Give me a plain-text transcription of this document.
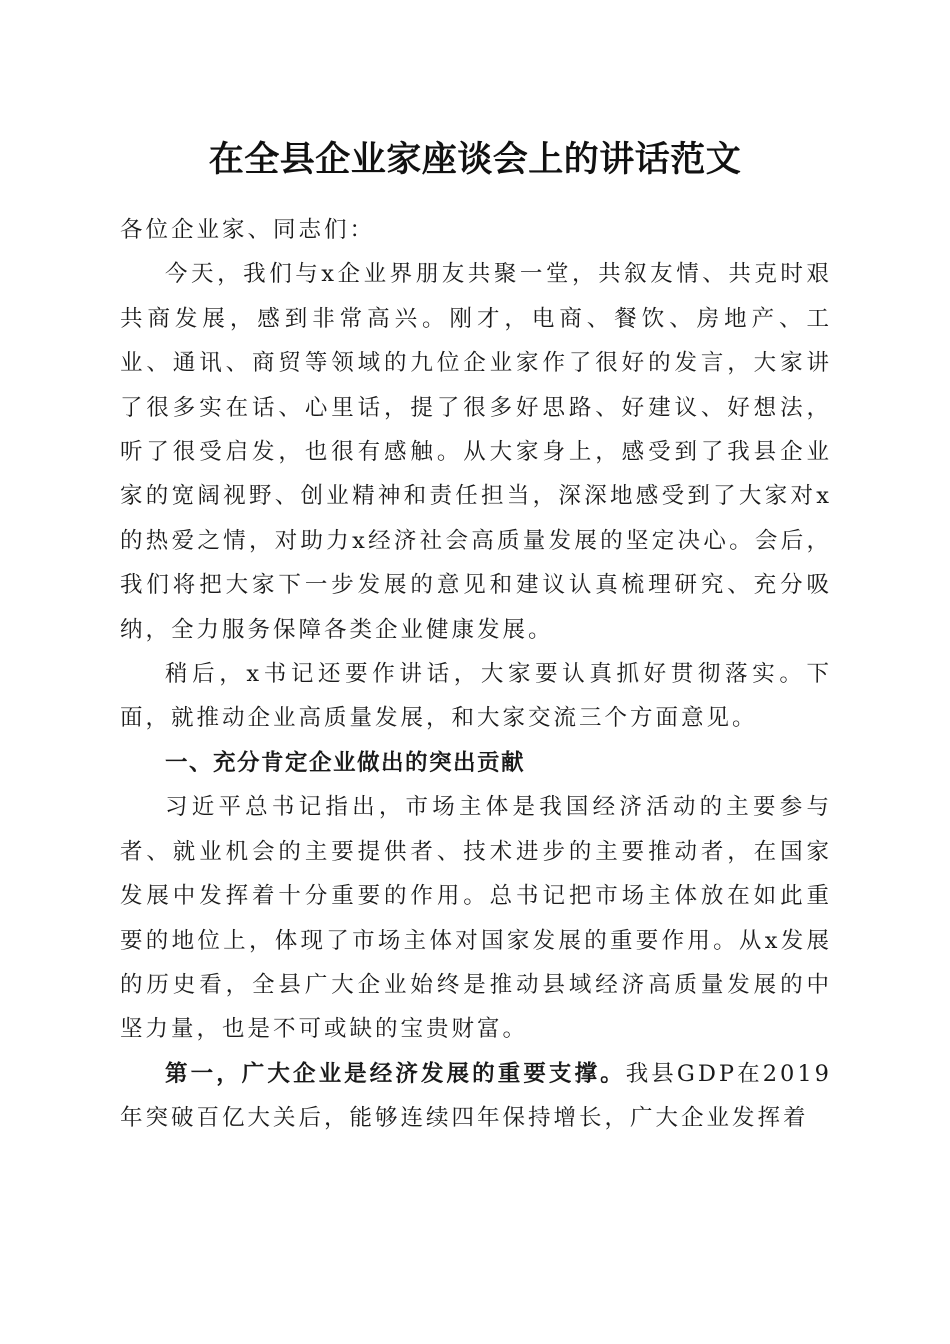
在全县企业家座谈会上的讲话范文

各位企业家、同志们：

今天，我们与x企业界朋友共聚一堂，共叙友情、共克时艰共商发展，感到非常高兴。刚才，电商、餐饮、房地产、工业、通讯、商贸等领域的九位企业家作了很好的发言，大家讲了很多实在话、心里话，提了很多好思路、好建议、好想法，听了很受启发，也很有感触。从大家身上，感受到了我县企业家的宽阔视野、创业精神和责任担当，深深地感受到了大家对x的热爱之情，对助力x经济社会高质量发展的坚定决心。会后，我们将把大家下一步发展的意见和建议认真梳理研究、充分吸纳，全力服务保障各类企业健康发展。

稍后，x书记还要作讲话，大家要认真抓好贯彻落实。下面，就推动企业高质量发展，和大家交流三个方面意见。

一、充分肯定企业做出的突出贡献

习近平总书记指出，市场主体是我国经济活动的主要参与者、就业机会的主要提供者、技术进步的主要推动者，在国家发展中发挥着十分重要的作用。总书记把市场主体放在如此重要的地位上，体现了市场主体对国家发展的重要作用。从x发展的历史看，全县广大企业始终是推动县域经济高质量发展的中坚力量，也是不可或缺的宝贵财富。

第一，广大企业是经济发展的重要支撑。我县GDP在2019年突破百亿大关后，能够连续四年保持增长，广大企业发挥着
